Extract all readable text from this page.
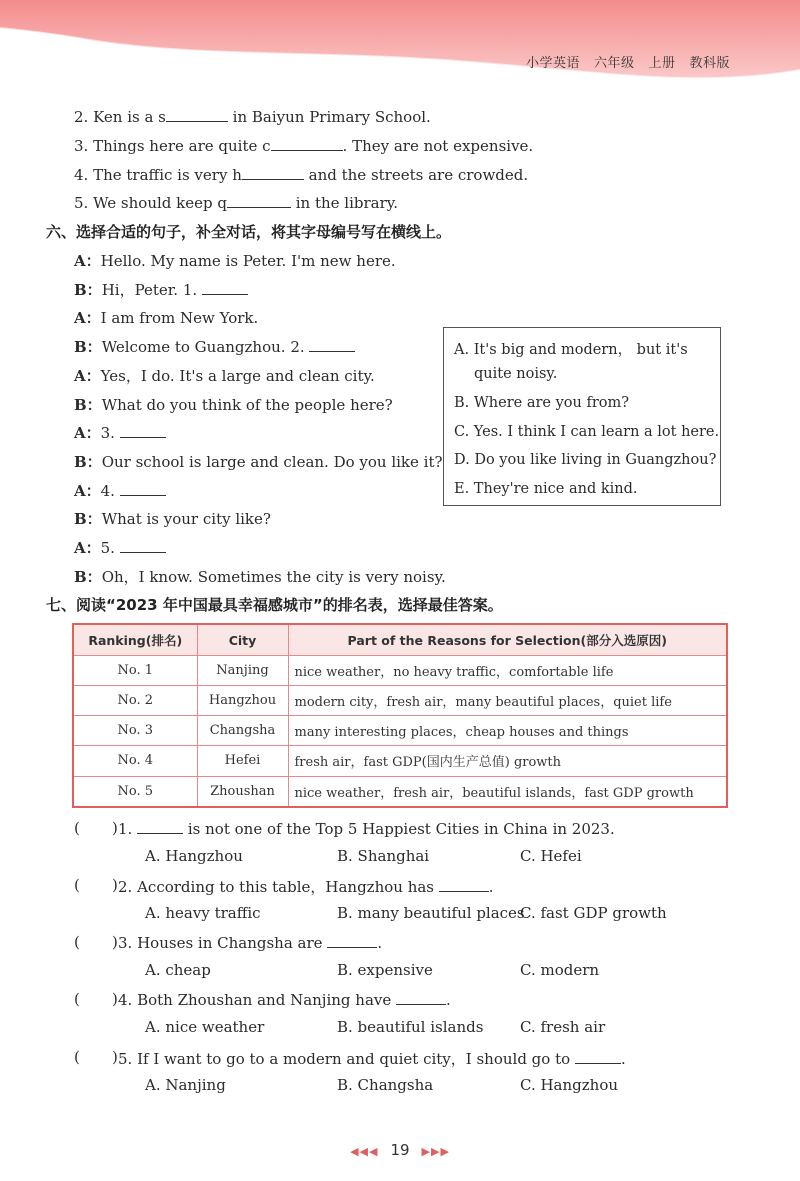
小学英语 六年级 上册 教科版
2. Ken is a s	in Baiyun Primary School.
3. Things here are quite c	. They are not expensive.
4. The traffic is very h	and the streets are crowded.
5. We should keep q	in the library.
六、选择合适的句子，补全对话，将其字母编号写在横线上。
A：Hello. My name is Peter. I'm new here.
B：Hi，Peter. 1.
A：I am from New York.
B：Welcome to Guangzhou. 2.
A：Yes，I do. It's a large and clean city.
B：What do you think of the people here?
A：3.
B：Our school is large and clean. Do you like it?
A：4.
B：What is your city like?
A：5.
B：Oh，I know. Sometimes the city is very noisy.
A. It's big and modern， but it's
quite noisy.
B. Where are you from?
C. Yes. I think I can learn a lot here.
D. Do you like living in Guangzhou?
E. They're nice and kind.
七、阅读“2023 年中国最具幸福感城市”的排名表，选择最佳答案。
Ranking(排名)	City	Part of the Reasons for Selection(部分入选原因)
No. 1	Nanjing	nice weather，no heavy traffic，comfortable life
No. 2	Hangzhou	modern city，fresh air，many beautiful places，quiet life
No. 3	Changsha	many interesting places，cheap houses and things
No. 4	Hefei	fresh air，fast GDP(国内生产总值) growth
No. 5	Zhoushan	nice weather，fresh air，beautiful islands，fast GDP growth
( ) 1.	is not one of the Top 5 Happiest Cities in China in 2023.
A. Hangzhou	B. Shanghai	C. Hefei
( ) 2. According to this table，Hangzhou has	.
A. heavy traffic	B. many beautiful places
C. fast GDP growth
( ) 3. Houses in Changsha are	.
A. cheap	B. expensive	C. modern
( ) 4. Both Zhoushan and Nanjing have	.
A. nice weather	B. beautiful islands C. fresh air
( ) 5. If I want to go to a modern and quiet city，I should go to	.
A. Nanjing	B. Changsha	C. Hangzhou
◀◀◀ 19 ▶▶▶
